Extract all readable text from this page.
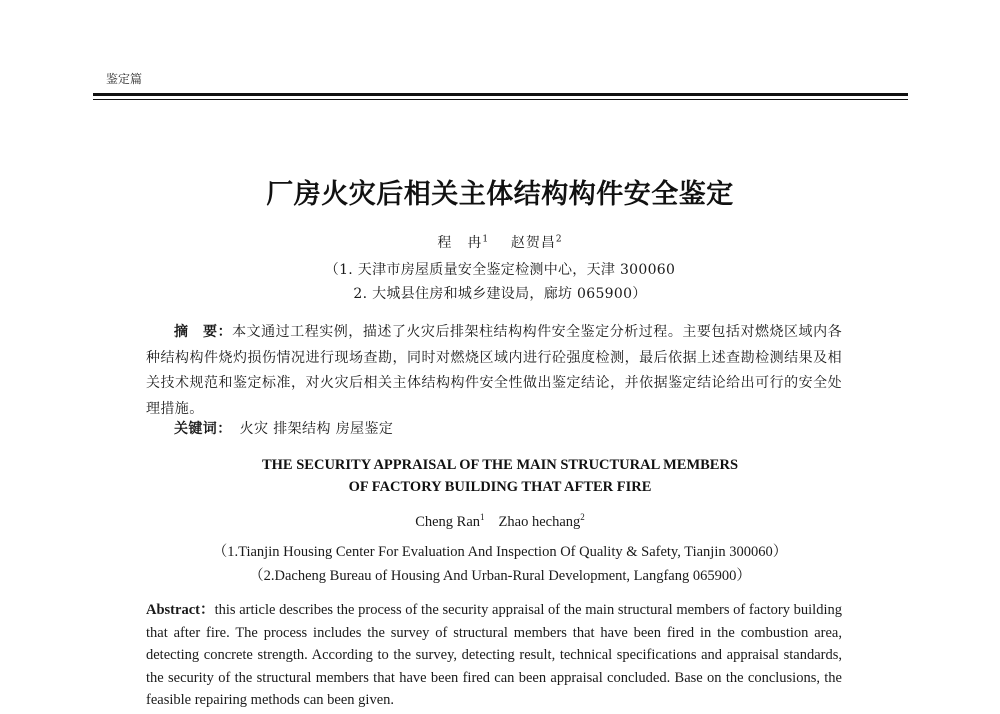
鉴定篇
厂房火灾后相关主体结构构件安全鉴定
程　冉$^1$ 赵贺昌$^2$
（1. 天津市房屋质量安全鉴定检测中心，天津 300060
2. 大城县住房和城乡建设局，廊坊 065900）

摘　要：本文通过工程实例，描述了火灾后排架柱结构构件安全鉴定分析过程。主要包括对燃烧区域内各种结构构件烧灼损伤情况进行现场查勘，同时对燃烧区域内进行砼强度检测，最后依据上述查勘检测结果及相关技术规范和鉴定标准，对火灾后相关主体结构构件安全性做出鉴定结论，并依据鉴定结论给出可行的安全处理措施。

关键词： 火灾 排架结构 房屋鉴定
THE SECURITY APPRAISAL OF THE MAIN STRUCTURAL MEMBERS
OF FACTORY BUILDING THAT AFTER FIRE
Cheng Ran$^1$ Zhao hechang$^2$
（1.Tianjin Housing Center For Evaluation And Inspection Of Quality & Safety, Tianjin 300060）
（2.Dacheng Bureau of Housing And Urban-Rural Development, Langfang 065900）

Abstract：this article describes the process of the security appraisal of the main structural members of factory building that after fire. The process includes the survey of structural members that have been fired in the combustion area, detecting concrete strength. According to the survey, detecting result, technical specifications and appraisal standards, the security of the structural members that have been fired can been appraisal concluded. Base on the conclusions, the feasible repairing methods can been given.
